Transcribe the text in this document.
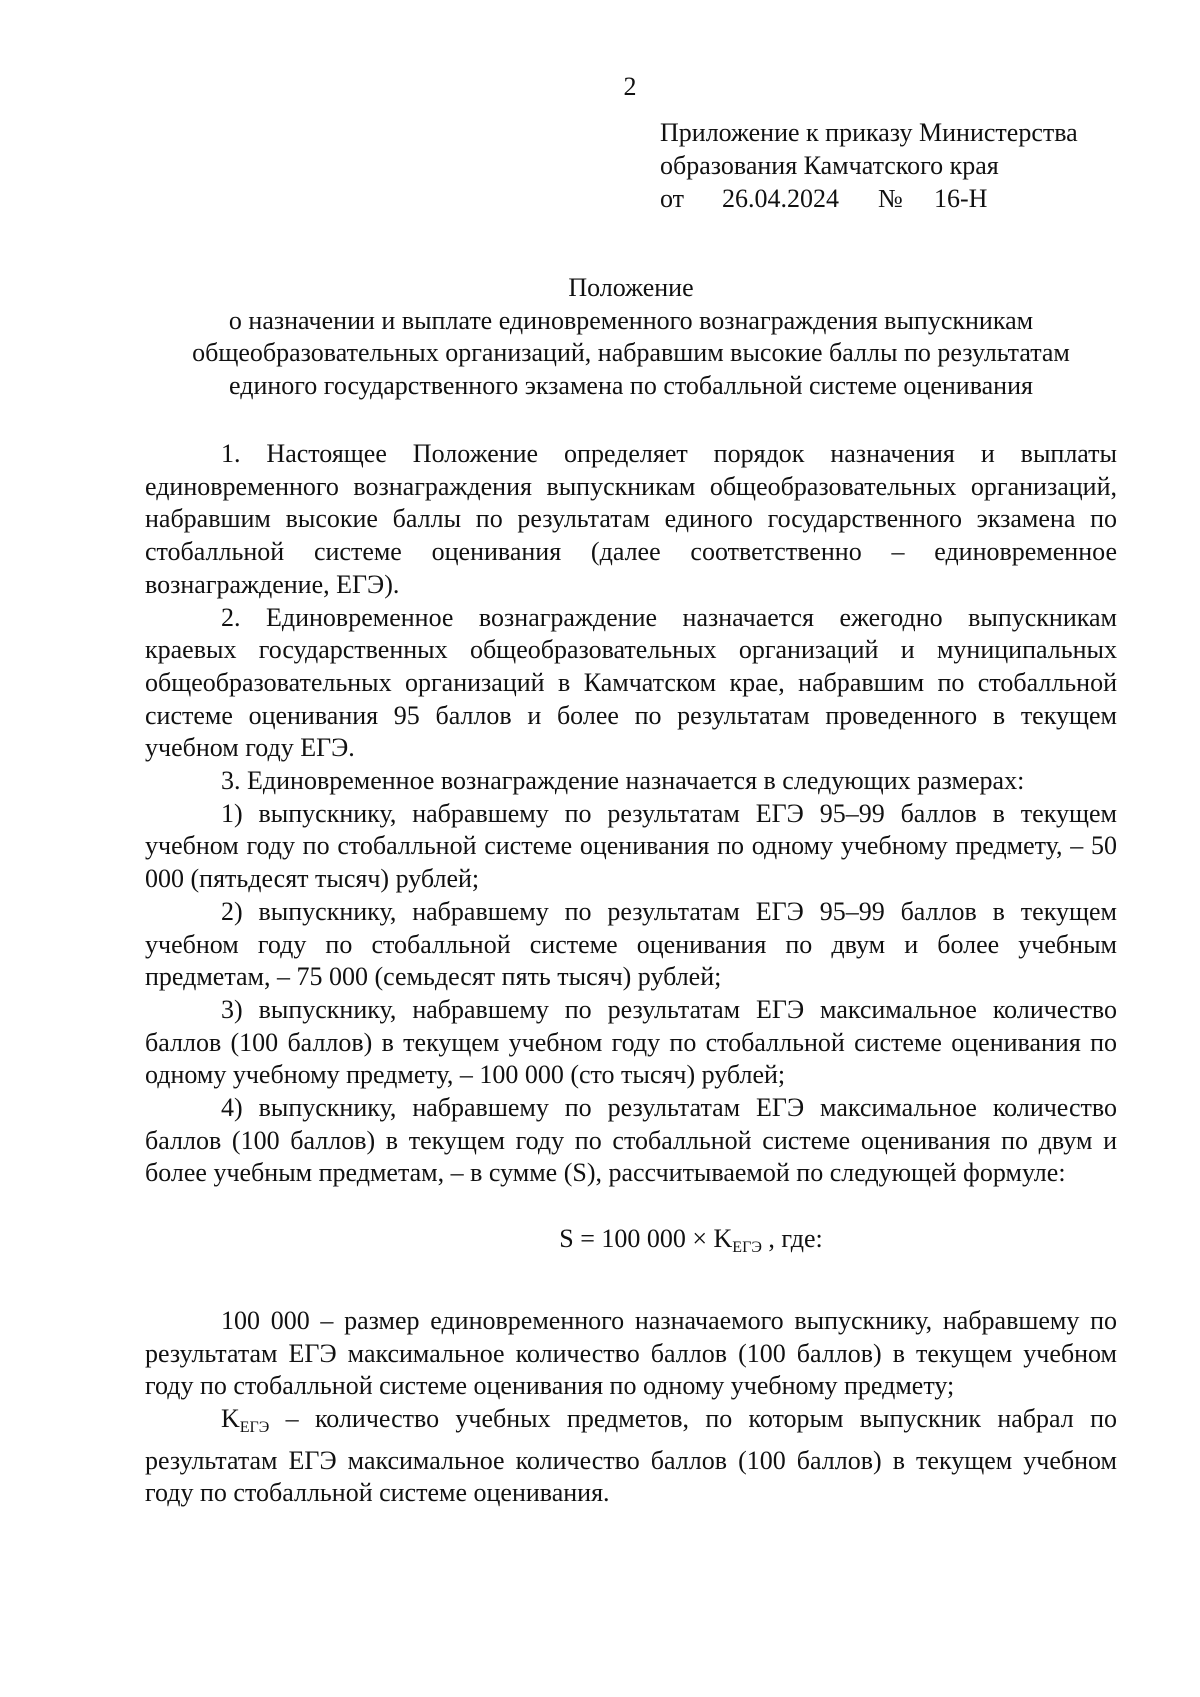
2
Приложение к приказу Министерства
образования Камчатского края
от 26.04.2024 № 16-Н
Положение
о назначении и выплате единовременного вознаграждения выпускникам
общеобразовательных организаций, набравшим высокие баллы по результатам
единого государственного экзамена по стобалльной системе оценивания

1. Настоящее Положение определяет порядок назначения и выплаты единовременного вознаграждения выпускникам общеобразовательных организаций, набравшим высокие баллы по результатам единого государственного экзамена по стобалльной системе оценивания (далее соответственно – единовременное вознаграждение, ЕГЭ).

2. Единовременное вознаграждение назначается ежегодно выпускникам краевых государственных общеобразовательных организаций и муниципальных общеобразовательных организаций в Камчатском крае, набравшим по стобалльной системе оценивания 95 баллов и более по результатам проведенного в текущем учебном году ЕГЭ.

3. Единовременное вознаграждение назначается в следующих размерах:

1) выпускнику, набравшему по результатам ЕГЭ 95–99 баллов в текущем учебном году по стобалльной системе оценивания по одному учебному предмету, – 50 000 (пятьдесят тысяч) рублей;

2) выпускнику, набравшему по результатам ЕГЭ 95–99 баллов в текущем учебном году по стобалльной системе оценивания по двум и более учебным предметам, – 75 000 (семьдесят пять тысяч) рублей;

3) выпускнику, набравшему по результатам ЕГЭ максимальное количество баллов (100 баллов) в текущем учебном году по стобалльной системе оценивания по одному учебному предмету, – 100 000 (сто тысяч) рублей;

4) выпускнику, набравшему по результатам ЕГЭ максимальное количество баллов (100 баллов) в текущем году по стобалльной системе оценивания по двум и более учебным предметам, – в сумме (S), рассчитываемой по следующей формуле:

S = 100 $000 \times K_{ЕГЭ}$ , где:

100 000 – размер единовременного назначаемого выпускнику, набравшему по результатам ЕГЭ максимальное количество баллов (100 баллов) в текущем учебном году по стобалльной системе оценивания по одному учебному предмету;

$K_{ЕГЭ}$ – количество учебных предметов, по которым выпускник набрал по результатам ЕГЭ максимальное количество баллов (100 баллов) в текущем учебном году по стобалльной системе оценивания.
